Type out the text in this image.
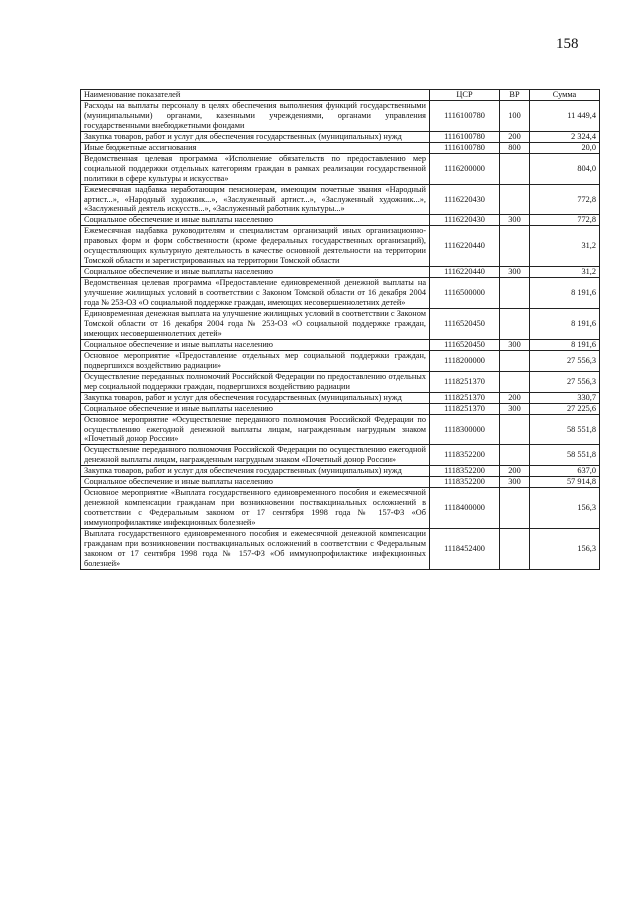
158
Наименование показателей	ЦСР	ВР	Сумма
Расходы на выплаты персоналу в целях обеспечения выполнения функций государственными (муниципальными) органами, казенными учреждениями, органами управления государственными внебюджетными фондами	1116100780	100	11 449,4
Закупка товаров, работ и услуг для обеспечения государственных (муниципальных) нужд	1116100780	200	2 324,4
Иные бюджетные ассигнования	1116100780	800	20,0
Ведомственная целевая программа «Исполнение обязательств по предоставлению мер социальной поддержки отдельных категориям граждан в рамках реализации государственной политики в сфере культуры и искусства»	1116200000		804,0
Ежемесячная надбавка неработающим пенсионерам, имеющим почетные звания «Народный артист...», «Народный художник...», «Заслуженный артист...», «Заслуженный художник...», «Заслуженный деятель искусств...», «Заслуженный работник культуры...»	1116220430		772,8
Социальное обеспечение и иные выплаты населению	1116220430	300	772,8
Ежемесячная надбавка руководителям и специалистам организаций иных организационно-правовых форм и форм собственности (кроме федеральных государственных организаций), осуществляющих культурную деятельность в качестве основной деятельности на территории Томской области и зарегистрированных на территории Томской области	1116220440		31,2
Социальное обеспечение и иные выплаты населению	1116220440	300	31,2
Ведомственная целевая программа «Предоставление единовременной денежной выплаты на улучшение жилищных условий в соответствии с Законом Томской области от 16 декабря 2004 года № 253-ОЗ «О социальной поддержке граждан, имеющих несовершеннолетних детей»	1116500000		8 191,6
Единовременная денежная выплата на улучшение жилищных условий в соответствии с Законом Томской области от 16 декабря 2004 года № 253-ОЗ «О социальной поддержке граждан, имеющих несовершеннолетних детей»	1116520450		8 191,6
Социальное обеспечение и иные выплаты населению	1116520450	300	8 191,6
Основное мероприятие «Предоставление отдельных мер социальной поддержки граждан, подвергшихся воздействию радиации»	1118200000		27 556,3
Осуществление переданных полномочий Российской Федерации по предоставлению отдельных мер социальной поддержки граждан, подвергшихся воздействию радиации	1118251370		27 556,3
Закупка товаров, работ и услуг для обеспечения государственных (муниципальных) нужд	1118251370	200	330,7
Социальное обеспечение и иные выплаты населению	1118251370	300	27 225,6
Основное мероприятие «Осуществление переданного полномочия Российской Федерации по осуществлению ежегодной денежной выплаты лицам, награжденным нагрудным знаком «Почетный донор России»	1118300000		58 551,8
Осуществление переданного полномочия Российской Федерации по осуществлению ежегодной денежной выплаты лицам, награжденным нагрудным знаком «Почетный донор России»	1118352200		58 551,8
Закупка товаров, работ и услуг для обеспечения государственных (муниципальных) нужд	1118352200	200	637,0
Социальное обеспечение и иные выплаты населению	1118352200	300	57 914,8
Основное мероприятие «Выплата государственного единовременного пособия и ежемесячной денежной компенсации гражданам при возникновении поствакцинальных осложнений в соответствии с Федеральным законом от 17 сентября 1998 года № 157-ФЗ «Об иммунопрофилактике инфекционных болезней»	1118400000		156,3
Выплата государственного единовременного пособия и ежемесячной денежной компенсации гражданам при возникновении поствакцинальных осложнений в соответствии с Федеральным законом от 17 сентября 1998 года № 157-ФЗ «Об иммунопрофилактике инфекционных болезней»	1118452400		156,3
